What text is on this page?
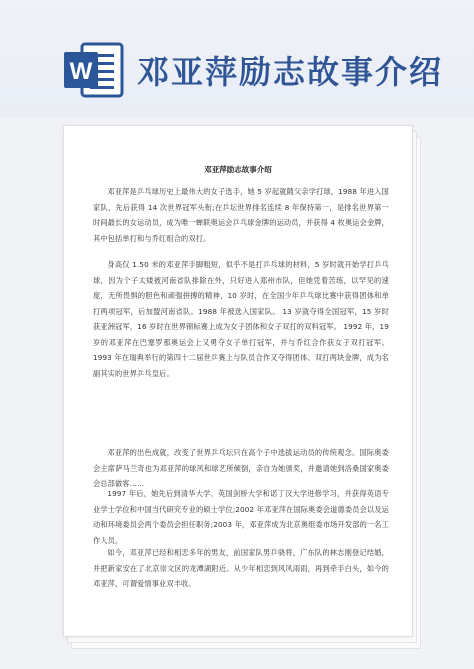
W 邓亚萍励志故事介绍
邓亚萍励志故事介绍

邓亚萍是乒乓球历史上最伟大的女子选手，她 5 岁起就随父亲学打球，1988 年进入国家队，先后获得 14 次世界冠军头衔;在乒坛世界排名连续 8 年保持第一，是排名世界第一时间最长的女运动员，成为唯一蝉联奥运会乒乓球金牌的运动员，并获得 4 枚奥运会金牌，其中包括单打和与乔红组合的双打。

身高仅 1.50 米的邓亚萍手脚粗短，似乎不是打乒乓球的材料，5 岁时就开始学打乒乓球，因为个子太矮被河南省队排除在外，只好进入郑州市队，但她凭着苦练，以罕见的速度，无所畏惧的胆色和顽强拼搏的精神，10 岁时，在全国少年乒乓球比赛中获得团体和单打两项冠军，后加盟河南省队。1988 年被选入国家队。 13 岁就夺得全国冠军，15 岁时获亚洲冠军，16 岁时在世界锦标赛上成为女子团体和女子双打的双料冠军。 1992 年，19 岁的邓亚萍在巴塞罗那奥运会上又勇夺女子单打冠军，并与乔红合作获女子双打冠军。 1993 年在瑞典举行的第四十二届世乒赛上与队员合作又夺得团体、双打两块金牌，成为名副其实的世界乒乓皇后。

邓亚萍的出色成就，改变了世界乒乓坛只在高个子中选拔运动员的传统观念。国际奥委会主席萨马兰奇也为邓亚萍的球风和球艺所倾倒，亲自为她颁奖，并邀请她到洛桑国家奥委会总部做客……

1997 年后，她先后到清华大学、英国剑桥大学和诺丁汉大学进修学习，并获得英语专业学士学位和中国当代研究专业的硕士学位;2002 年邓亚萍在国际奥委会道德委员会以及运动和环境委员会两个委员会担任职务;2003 年，邓亚萍成为北京奥组委市场开发部的一名工作人员。

如今，邓亚萍已经和相恋多年的男友，前国家队男乒骁将，广东队的林志刚登记结婚，并把新家安在了北京崇文区的龙潭湖附近。从少年相恋到风风雨雨，再到牵手白头，如今的邓亚萍，可谓爱情事业双丰收。
